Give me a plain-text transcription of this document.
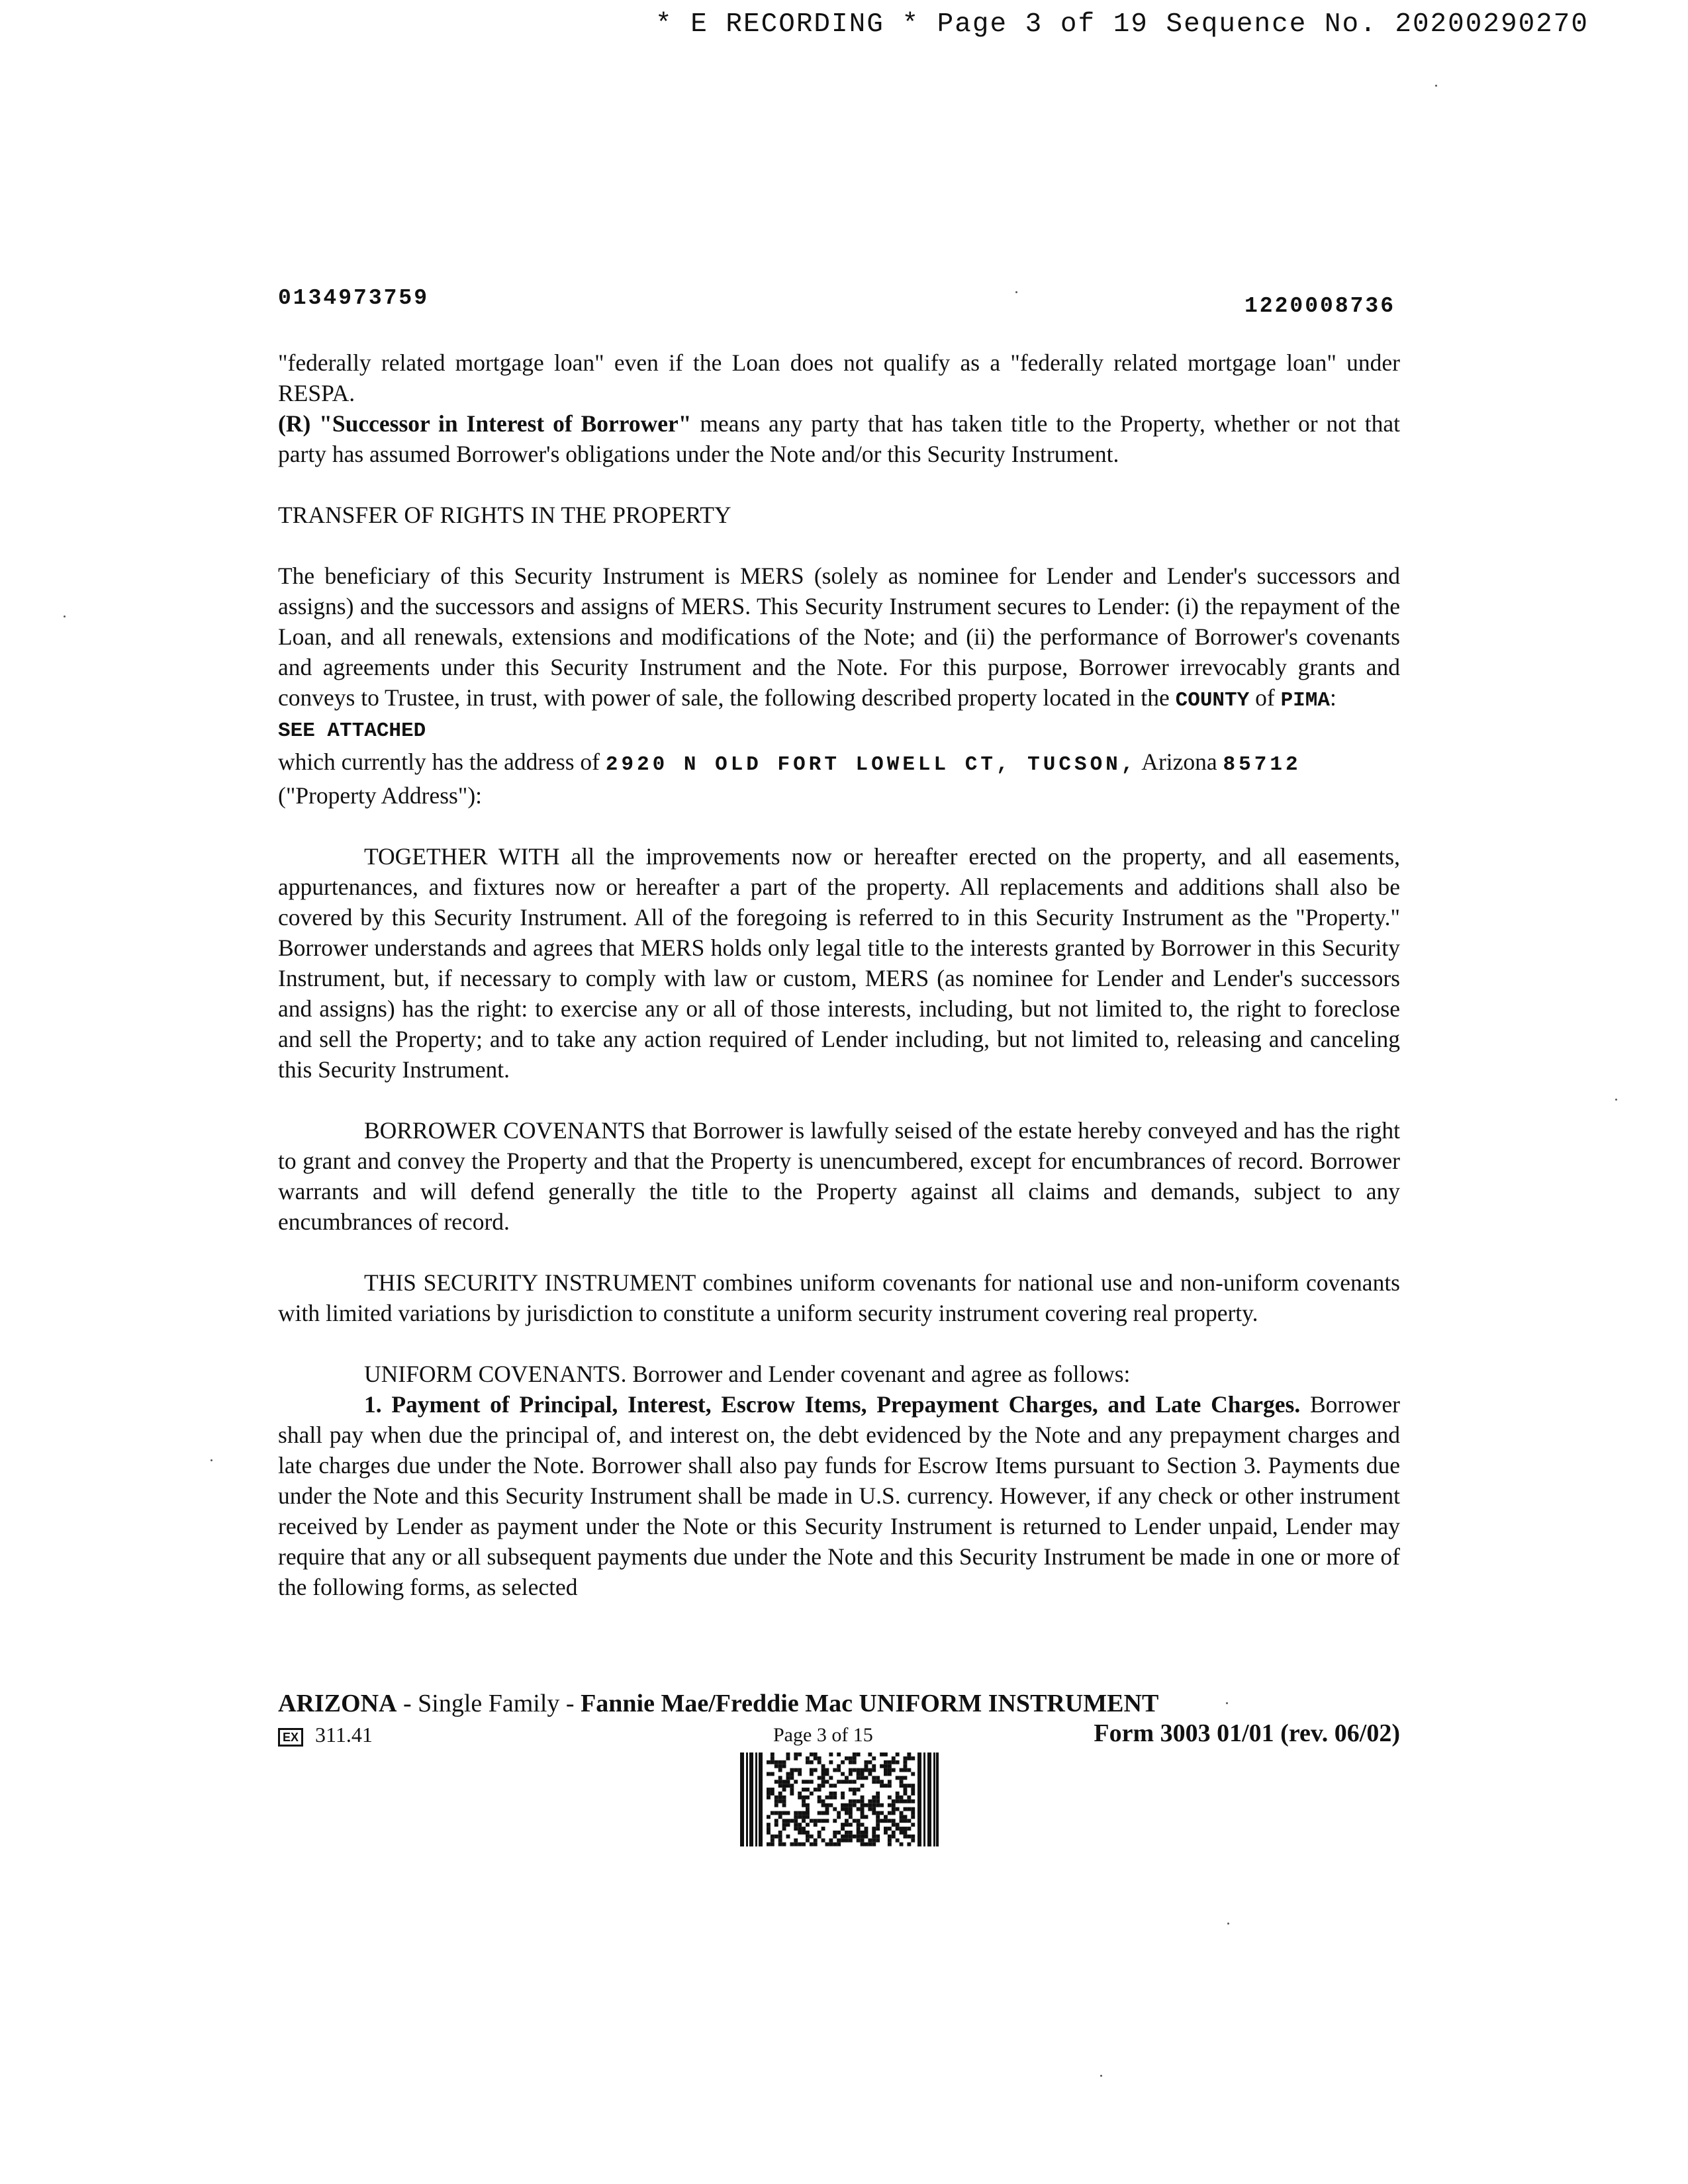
* E RECORDING * Page 3 of 19 Sequence No. 20200290270
0134973759	1220008736

"federally related mortgage loan" even if the Loan does not qualify as a "federally related mortgage loan" under RESPA.

(R) "Successor in Interest of Borrower" means any party that has taken title to the Property, whether or not that party has assumed Borrower's obligations under the Note and/or this Security Instrument.

TRANSFER OF RIGHTS IN THE PROPERTY

The beneficiary of this Security Instrument is MERS (solely as nominee for Lender and Lender's successors and assigns) and the successors and assigns of MERS. This Security Instrument secures to Lender: (i) the repayment of the Loan, and all renewals, extensions and modifications of the Note; and (ii) the performance of Borrower's covenants and agreements under this Security Instrument and the Note. For this purpose, Borrower irrevocably grants and conveys to Trustee, in trust, with power of sale, the following described property located in the COUNTY of PIMA:

SEE ATTACHED

which currently has the address of 2920 N OLD FORT LOWELL CT, TUCSON, Arizona 85712

("Property Address"):

TOGETHER WITH all the improvements now or hereafter erected on the property, and all easements, appurtenances, and fixtures now or hereafter a part of the property. All replacements and additions shall also be covered by this Security Instrument. All of the foregoing is referred to in this Security Instrument as the "Property." Borrower understands and agrees that MERS holds only legal title to the interests granted by Borrower in this Security Instrument, but, if necessary to comply with law or custom, MERS (as nominee for Lender and Lender's successors and assigns) has the right: to exercise any or all of those interests, including, but not limited to, the right to foreclose and sell the Property; and to take any action required of Lender including, but not limited to, releasing and canceling this Security Instrument.

BORROWER COVENANTS that Borrower is lawfully seised of the estate hereby conveyed and has the right to grant and convey the Property and that the Property is unencumbered, except for encumbrances of record. Borrower warrants and will defend generally the title to the Property against all claims and demands, subject to any encumbrances of record.

THIS SECURITY INSTRUMENT combines uniform covenants for national use and non-uniform covenants with limited variations by jurisdiction to constitute a uniform security instrument covering real property.

UNIFORM COVENANTS. Borrower and Lender covenant and agree as follows:

1. Payment of Principal, Interest, Escrow Items, Prepayment Charges, and Late Charges. Borrower shall pay when due the principal of, and interest on, the debt evidenced by the Note and any prepayment charges and late charges due under the Note. Borrower shall also pay funds for Escrow Items pursuant to Section 3. Payments due under the Note and this Security Instrument shall be made in U.S. currency. However, if any check or other instrument received by Lender as payment under the Note or this Security Instrument is returned to Lender unpaid, Lender may require that any or all subsequent payments due under the Note and this Security Instrument be made in one or more of the following forms, as selected

ARIZONA - Single Family - Fannie Mae/Freddie Mac UNIFORM INSTRUMENT
EX 311.41	Page 3 of 15	Form 3003 01/01 (rev. 06/02)
